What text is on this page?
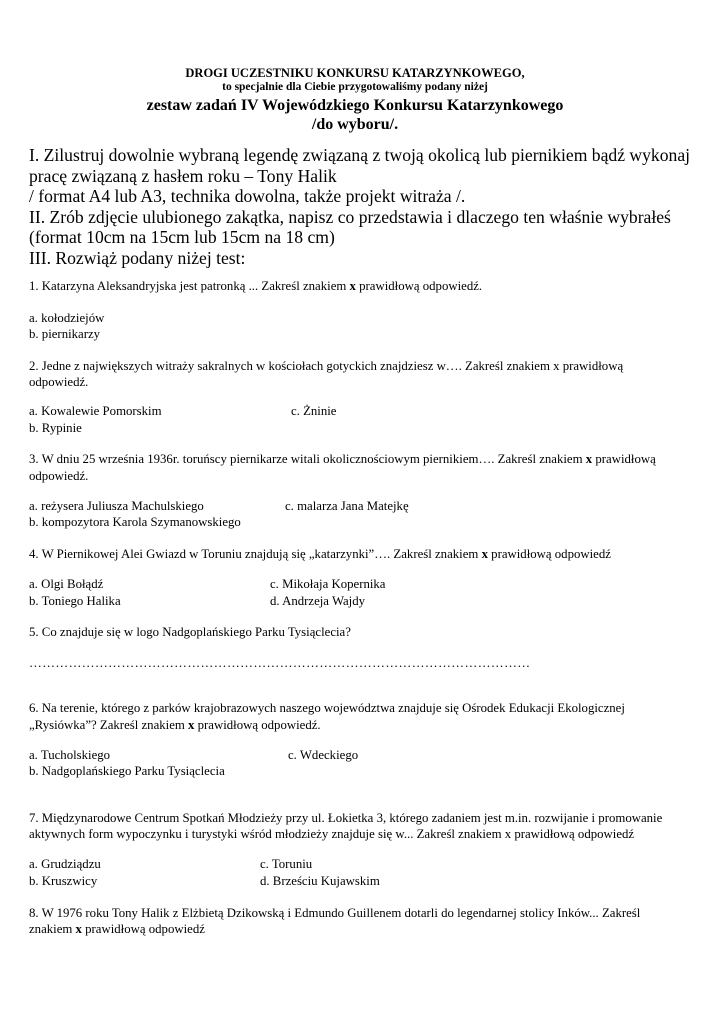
DROGI UCZESTNIKU KONKURSU KATARZYNKOWEGO,
to specjalnie dla Ciebie przygotowaliśmy podany niżej
zestaw zadań IV Wojewódzkiego Konkursu Katarzynkowego
/do wyboru/.
I. Zilustruj dowolnie wybraną legendę związaną z twoją okolicą lub piernikiem bądź wykonaj
pracę związaną z hasłem roku – Tony Halik
/ format A4 lub A3, technika dowolna, także projekt witraża /.
II. Zrób zdjęcie ulubionego zakątka, napisz co przedstawia i dlaczego ten właśnie wybrałeś
(format 10cm na 15cm lub 15cm na 18 cm)
III. Rozwiąż podany niżej test:
1. Katarzyna Aleksandryjska jest patronką ... Zakreśl znakiem x prawidłową odpowiedź.
a. kołodziejów
b. piernikarzy
2. Jedne z największych witraży sakralnych w kościołach gotyckich znajdziesz w…. Zakreśl znakiem x prawidłową odpowiedź.
a. Kowalewie Pomorskim	c. Żninie
b. Rypinie
3. W dniu 25 września 1936r. toruńscy piernikarze witali okolicznościowym piernikiem…. Zakreśl znakiem x prawidłową odpowiedź.
a. reżysera Juliusza Machulskiego	c. malarza Jana Matejkę
b. kompozytora Karola Szymanowskiego
4. W Piernikowej Alei Gwiazd w Toruniu znajdują się „katarzynki”…. Zakreśl znakiem x prawidłową odpowiedź
a. Olgi Bołądź	c. Mikołaja Kopernika
b. Toniego Halika	d. Andrzeja Wajdy
5. Co znajduje się w logo Nadgoplańskiego Parku Tysiąclecia?
……………………………………………………………………………………………………
6. Na terenie, którego z parków krajobrazowych naszego województwa znajduje się Ośrodek Edukacji Ekologicznej „Rysiówka”? Zakreśl znakiem x prawidłową odpowiedź.
a. Tucholskiego	c. Wdeckiego
b. Nadgoplańskiego Parku Tysiąclecia
7. Międzynarodowe Centrum Spotkań Młodzieży przy ul. Łokietka 3, którego zadaniem jest m.in. rozwijanie i promowanie aktywnych form wypoczynku i turystyki wśród młodzieży znajduje się w... Zakreśl znakiem x prawidłową odpowiedź
a. Grudziądzu	c. Toruniu
b. Kruszwicy	d. Brześciu Kujawskim
8. W 1976 roku Tony Halik z Elżbietą Dzikowską i Edmundo Guillenem dotarli do legendarnej stolicy Inków... Zakreśl znakiem x prawidłową odpowiedź
